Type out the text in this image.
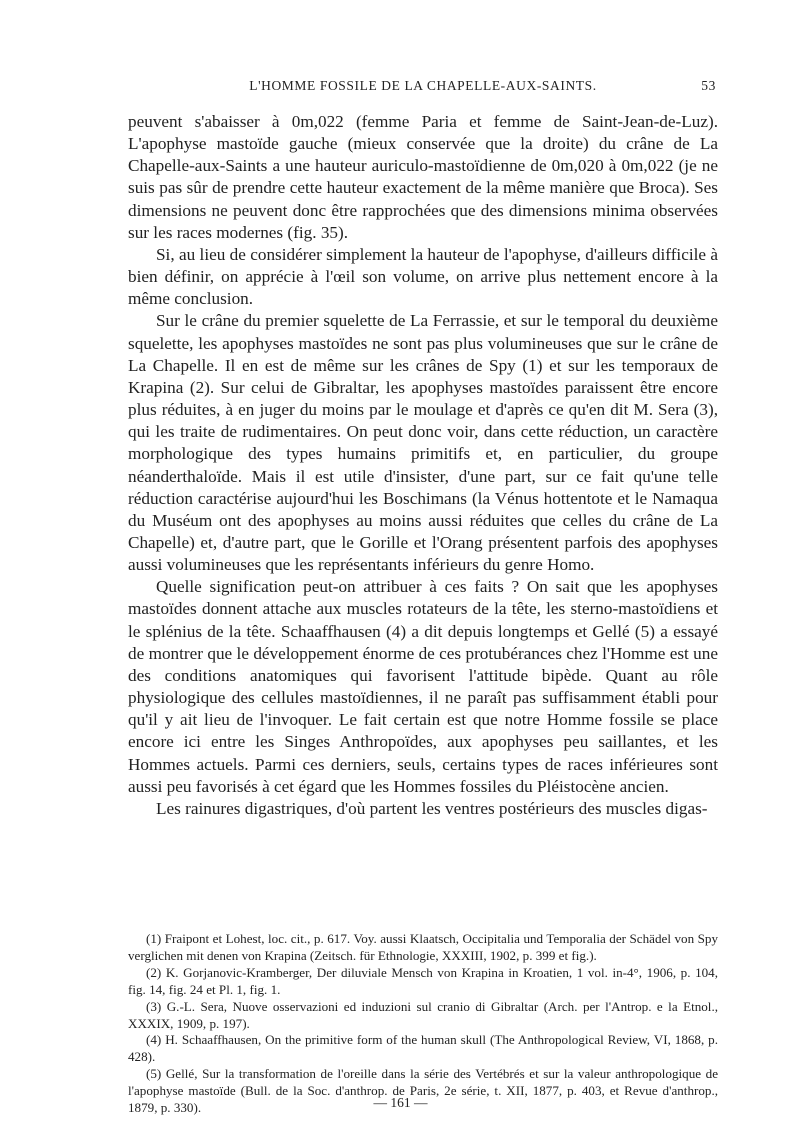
L'HOMME FOSSILE DE LA CHAPELLE-AUX-SAINTS.	53

peuvent s'abaisser à 0m,022 (femme Paria et femme de Saint-Jean-de-Luz). L'apophyse mastoïde gauche (mieux conservée que la droite) du crâne de La Chapelle-aux-Saints a une hauteur auriculo-mastoïdienne de 0m,020 à 0m,022 (je ne suis pas sûr de prendre cette hauteur exactement de la même manière que Broca). Ses dimensions ne peuvent donc être rapprochées que des dimensions minima observées sur les races modernes (fig. 35).

Si, au lieu de considérer simplement la hauteur de l'apophyse, d'ailleurs difficile à bien définir, on apprécie à l'œil son volume, on arrive plus nettement encore à la même conclusion.

Sur le crâne du premier squelette de La Ferrassie, et sur le temporal du deuxième squelette, les apophyses mastoïdes ne sont pas plus volumineuses que sur le crâne de La Chapelle. Il en est de même sur les crânes de Spy (1) et sur les temporaux de Krapina (2). Sur celui de Gibraltar, les apophyses mastoïdes paraissent être encore plus réduites, à en juger du moins par le moulage et d'après ce qu'en dit M. Sera (3), qui les traite de rudimentaires. On peut donc voir, dans cette réduction, un caractère morphologique des types humains primitifs et, en particulier, du groupe néanderthaloïde. Mais il est utile d'insister, d'une part, sur ce fait qu'une telle réduction caractérise aujourd'hui les Boschimans (la Vénus hottentote et le Namaqua du Muséum ont des apophyses au moins aussi réduites que celles du crâne de La Chapelle) et, d'autre part, que le Gorille et l'Orang présentent parfois des apophyses aussi volumineuses que les représentants inférieurs du genre Homo.

Quelle signification peut-on attribuer à ces faits ? On sait que les apophyses mastoïdes donnent attache aux muscles rotateurs de la tête, les sterno-mastoïdiens et le splénius de la tête. Schaaffhausen (4) a dit depuis longtemps et Gellé (5) a essayé de montrer que le développement énorme de ces protubérances chez l'Homme est une des conditions anatomiques qui favorisent l'attitude bipède. Quant au rôle physiologique des cellules mastoïdiennes, il ne paraît pas suffisamment établi pour qu'il y ait lieu de l'invoquer. Le fait certain est que notre Homme fossile se place encore ici entre les Singes Anthropoïdes, aux apophyses peu saillantes, et les Hommes actuels. Parmi ces derniers, seuls, certains types de races inférieures sont aussi peu favorisés à cet égard que les Hommes fossiles du Pléistocène ancien.

Les rainures digastriques, d'où partent les ventres postérieurs des muscles digas-

(1) Fraipont et Lohest, loc. cit., p. 617. Voy. aussi Klaatsch, Occipitalia und Temporalia der Schädel von Spy verglichen mit denen von Krapina (Zeitsch. für Ethnologie, XXXIII, 1902, p. 399 et fig.).

(2) K. Gorjanovic-Kramberger, Der diluviale Mensch von Krapina in Kroatien, 1 vol. in-4°, 1906, p. 104, fig. 14, fig. 24 et Pl. 1, fig. 1.

(3) G.-L. Sera, Nuove osservazioni ed induzioni sul cranio di Gibraltar (Arch. per l'Antrop. e la Etnol., XXXIX, 1909, p. 197).

(4) H. Schaaffhausen, On the primitive form of the human skull (The Anthropological Review, VI, 1868, p. 428).

(5) Gellé, Sur la transformation de l'oreille dans la série des Vertébrés et sur la valeur anthropologique de l'apophyse mastoïde (Bull. de la Soc. d'anthrop. de Paris, 2e série, t. XII, 1877, p. 403, et Revue d'anthrop., 1879, p. 330).	— 161 —
